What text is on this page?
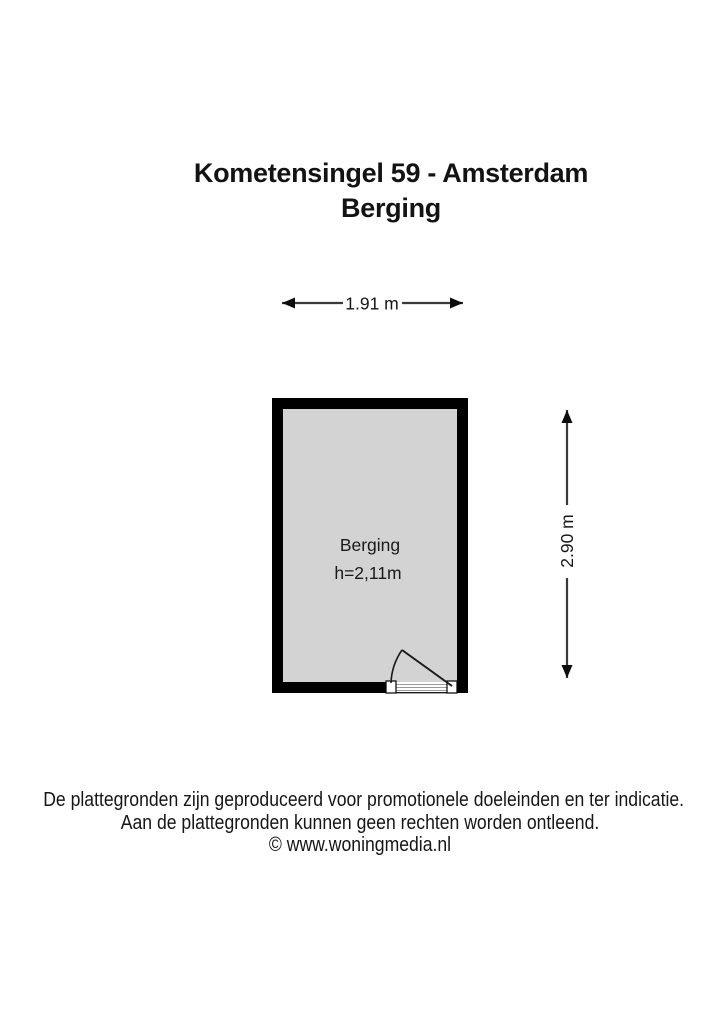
Kometensingel 59 - Amsterdam
Berging
1.91 m
Berging
h=2,11m
2.90 m
De plattegronden zijn geproduceerd voor promotionele doeleinden en ter indicatie.
Aan de plattegronden kunnen geen rechten worden ontleend.
© www.woningmedia.nl
